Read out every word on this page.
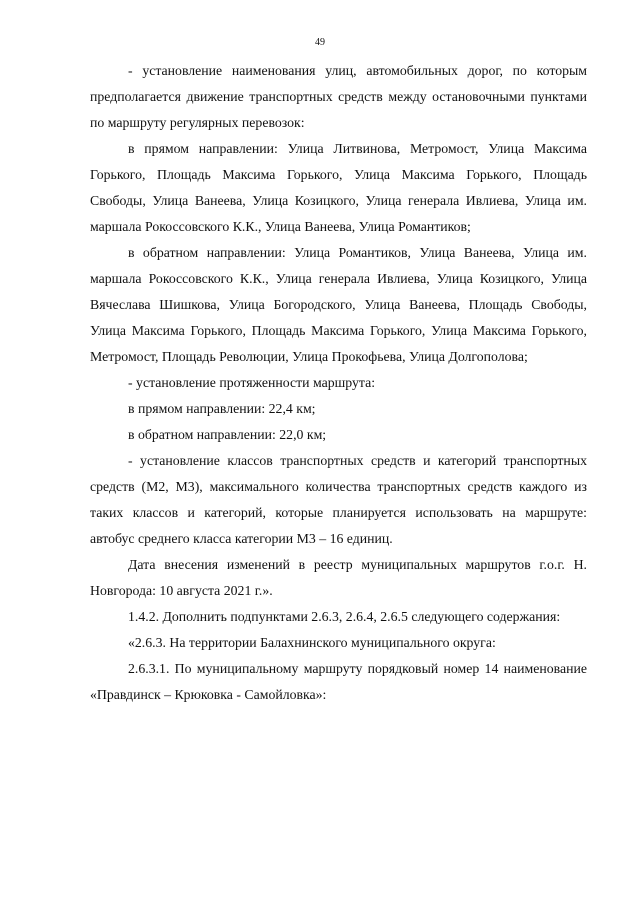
49

- установление наименования улиц, автомобильных дорог, по которым предполагается движение транспортных средств между остановочными пунктами по маршруту регулярных перевозок:

в прямом направлении: Улица Литвинова, Метромост, Улица Максима Горького, Площадь Максима Горького, Улица Максима Горького, Площадь Свободы, Улица Ванеева, Улица Козицкого, Улица генерала Ивлиева, Улица им. маршала Рокоссовского К.К., Улица Ванеева, Улица Романтиков;

в обратном направлении: Улица Романтиков, Улица Ванеева, Улица им. маршала Рокоссовского К.К., Улица генерала Ивлиева, Улица Козицкого, Улица Вячеслава Шишкова, Улица Богородского, Улица Ванеева, Площадь Свободы, Улица Максима Горького, Площадь Максима Горького, Улица Максима Горького, Метромост, Площадь Революции, Улица Прокофьева, Улица Долгополова;

- установление протяженности маршрута:

в прямом направлении: 22,4 км;

в обратном направлении: 22,0 км;

- установление классов транспортных средств и категорий транспортных средств (М2, М3), максимального количества транспортных средств каждого из таких классов и категорий, которые планируется использовать на маршруте: автобус среднего класса категории М3 – 16 единиц.

Дата внесения изменений в реестр муниципальных маршрутов г.о.г. Н. Новгорода: 10 августа 2021 г.».

1.4.2. Дополнить подпунктами 2.6.3, 2.6.4, 2.6.5 следующего содержания:

«2.6.3. На территории Балахнинского муниципального округа:

2.6.3.1. По муниципальному маршруту порядковый номер 14 наименование «Правдинск – Крюковка - Самойловка»:
